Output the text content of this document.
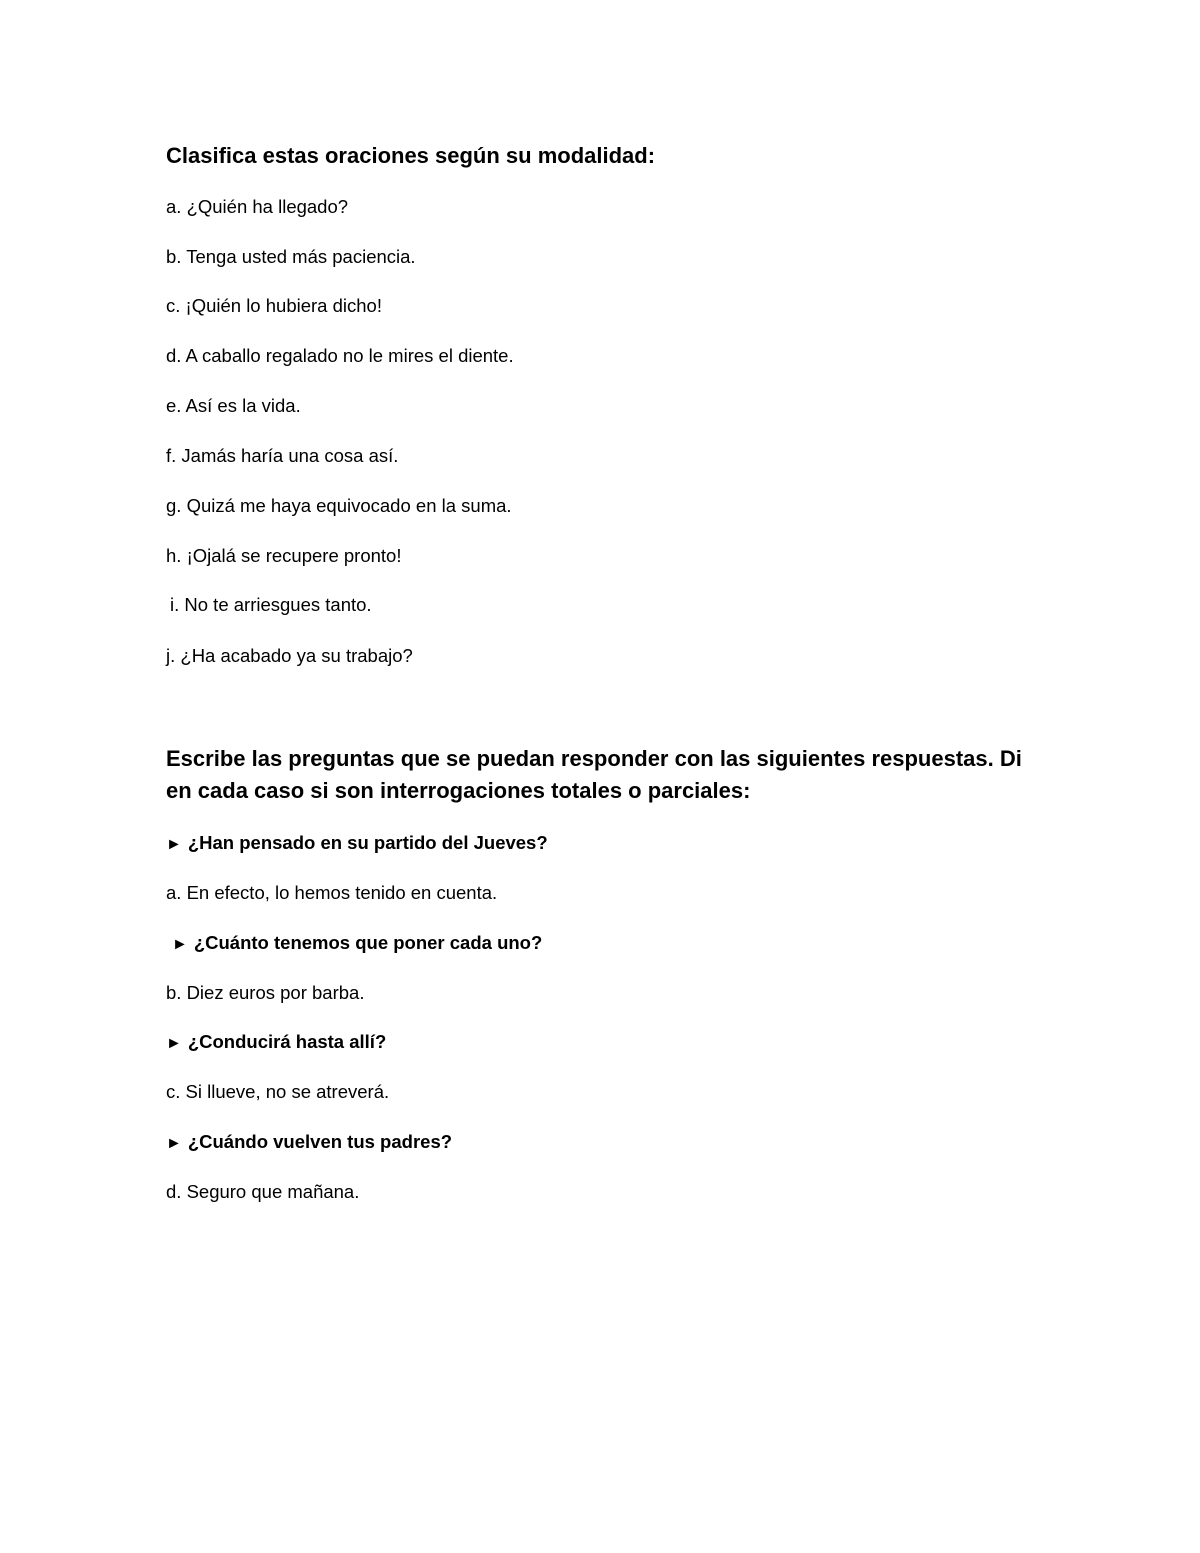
Clasifica estas oraciones según su modalidad:

a. ¿Quién ha llegado?

b. Tenga usted más paciencia.

c. ¡Quién lo hubiera dicho!

d. A caballo regalado no le mires el diente.

e. Así es la vida.

f. Jamás haría una cosa así.

g. Quizá me haya equivocado en la suma.

h. ¡Ojalá se recupere pronto!

i. No te arriesgues tanto.

j. ¿Ha acabado ya su trabajo?

Escribe las preguntas que se puedan responder con las siguientes respuestas. Di en cada caso si son interrogaciones totales o parciales:

► ¿Han pensado en su partido del Jueves?

a. En efecto, lo hemos tenido en cuenta.

► ¿Cuánto tenemos que poner cada uno?

b. Diez euros por barba.

► ¿Conducirá hasta allí?

c. Si llueve, no se atreverá.

► ¿Cuándo vuelven tus padres?

d. Seguro que mañana.
